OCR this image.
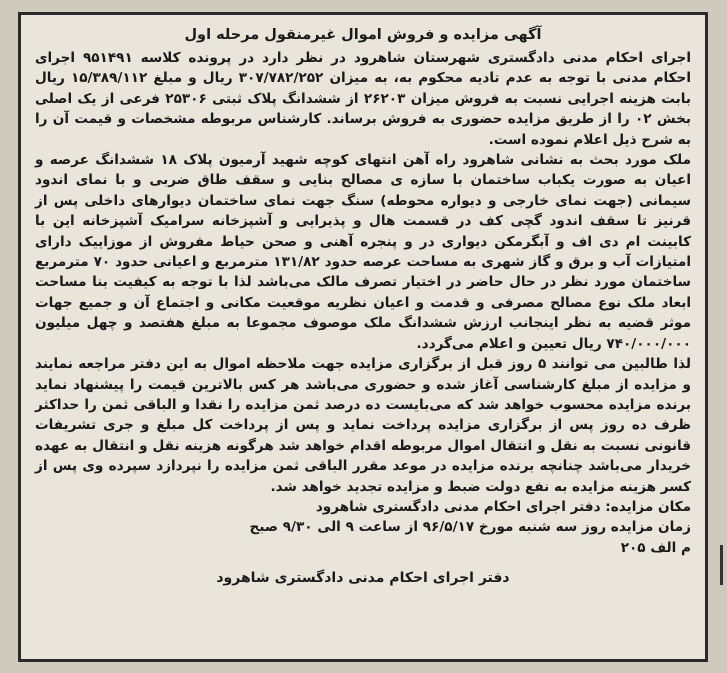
آگهی مزایده و فروش اموال غیرمنقول مرحله اول

اجرای احکام مدنی دادگستری شهرستان شاهرود در نظر دارد در پرونده کلاسه ۹۵۱۴۹۱ اجرای احکام مدنی با توجه به عدم تادیه محکوم به، به میزان ۳۰۷/۷۸۲/۲۵۲ ریال و مبلغ ۱۵/۳۸۹/۱۱۲ ریال بابت هزینه اجرایی نسبت به فروش میزان ۲۶۲۰۳ از ششدانگ پلاک ثبتی ۲۵۳۰۶ فرعی از یک اصلی بخش ۰۲ را از طریق مزایده حضوری به فروش برساند. کارشناس مربوطه مشخصات و قیمت آن را به شرح ذیل اعلام نموده است.

ملک مورد بحث به نشانی شاهرود راه آهن انتهای کوچه شهید آرمیون پلاک ۱۸ ششدانگ عرصه و اعیان به صورت یکباب ساختمان با سازه ی مصالح بنایی و سقف طاق ضربی و با نمای اندود سیمانی (جهت نمای خارجی و دیواره محوطه) سنگ جهت نمای ساختمان دیوارهای داخلی پس از قرنیز تا سقف اندود گچی کف در قسمت هال و پذیرایی و آشپزخانه سرامیک آشپزخانه این با کابینت ام دی اف و آبگرمکن دیواری در و پنجره آهنی و صحن حیاط مفروش از موزاییک دارای امتیازات آب و برق و گاز شهری به مساحت عرصه حدود ۱۳۱/۸۲ مترمربع و اعیانی حدود ۷۰ مترمربع ساختمان مورد نظر در حال حاضر در اختیار تصرف مالک می‌باشد لذا با توجه به کیفیت بنا مساحت ابعاد ملک نوع مصالح مصرفی و قدمت و اعیان نظریه موقعیت مکانی و اجتماع آن و جمیع جهات موثر قضیه به نظر اینجانب ارزش ششدانگ ملک موصوف مجموعا به مبلغ هفتصد و چهل میلیون ۷۴۰/۰۰۰/۰۰۰ ریال تعیین و اعلام می‌گردد.

لذا طالبین می توانند ۵ روز قبل از برگزاری مزایده جهت ملاحظه اموال به این دفتر مراجعه نمایند و مزایده از مبلغ کارشناسی آغاز شده و حضوری می‌باشد هر کس بالاترین قیمت را پیشنهاد نماید برنده مزایده محسوب خواهد شد که می‌بایست ده درصد ثمن مزایده را نقدا و الباقی ثمن را حداکثر ظرف ده روز پس از برگزاری مزایده پرداخت نماید و پس از پرداخت کل مبلغ و جری تشریفات قانونی نسبت به نقل و انتقال اموال مربوطه اقدام خواهد شد هرگونه هزینه نقل و انتقال به عهده خریدار می‌باشد چنانچه برنده مزایده در موعد مقرر الباقی ثمن مزایده را نپردازد سپرده وی پس از کسر هزینه مزایده به نفع دولت ضبط و مزایده تجدید خواهد شد.

مکان مزایده: دفتر اجرای احکام مدنی دادگستری شاهرود

زمان مزایده روز سه شنبه مورخ ۹۶/۵/۱۷ از ساعت ۹ الی ۹/۳۰ صبح

م الف ۲۰۵

دفتر اجرای احکام مدنی دادگستری شاهرود
